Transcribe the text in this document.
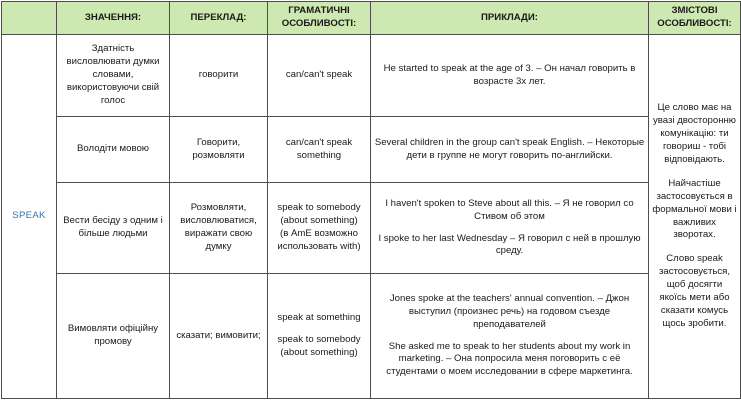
	ЗНАЧЕННЯ:	ПЕРЕКЛАД:	ГРАМАТИЧНІ ОСОБЛИВОСТІ:	ПРИКЛАДИ:	ЗМІСТОВІ ОСОБЛИВОСТІ:
SPEAK	Здатність висловлювати думки словами, використовуючи свій голос	говорити	can/can't speak	He started to speak at the age of 3. – Он начал говорить в возрасте 3х лет.	Це слово має на увазі двосторонню комунікацію: ти говориш - тобі відповідають.
Найчастіше застосовується в формальної мови і важливих зворотах.
Слово speak застосовується, щоб досягти якоїсь мети або сказати комусь щось зробити.

	Володіти мовою	Говорити, розмовляти	can/can't speak something	Several children in the group can't speak English. – Некоторые дети в группе не могут говорить по-английски.	

	Вести бесіду з одним і більше людьми	Розмовляти, висловлюватися, виражати свою думку	speak to somebody (about something)
(в AmE возможно использовать with)	I haven't spoken to Steve about all this. – Я не говорил со Стивом об этом
I spoke to her last Wednesday – Я говорил с ней в прошлую среду.	

	Вимовляти офіційну промову	сказати; вимовити;	speak at something
speak to somebody (about something)	Jones spoke at the teachers' annual convention. – Джон выступил (произнес речь) на годовом съезде преподавателей
She asked me to speak to her students about my work in marketing. – Она попросила меня поговорить с её студентами о моем исследовании в сфере маркетинга.	
